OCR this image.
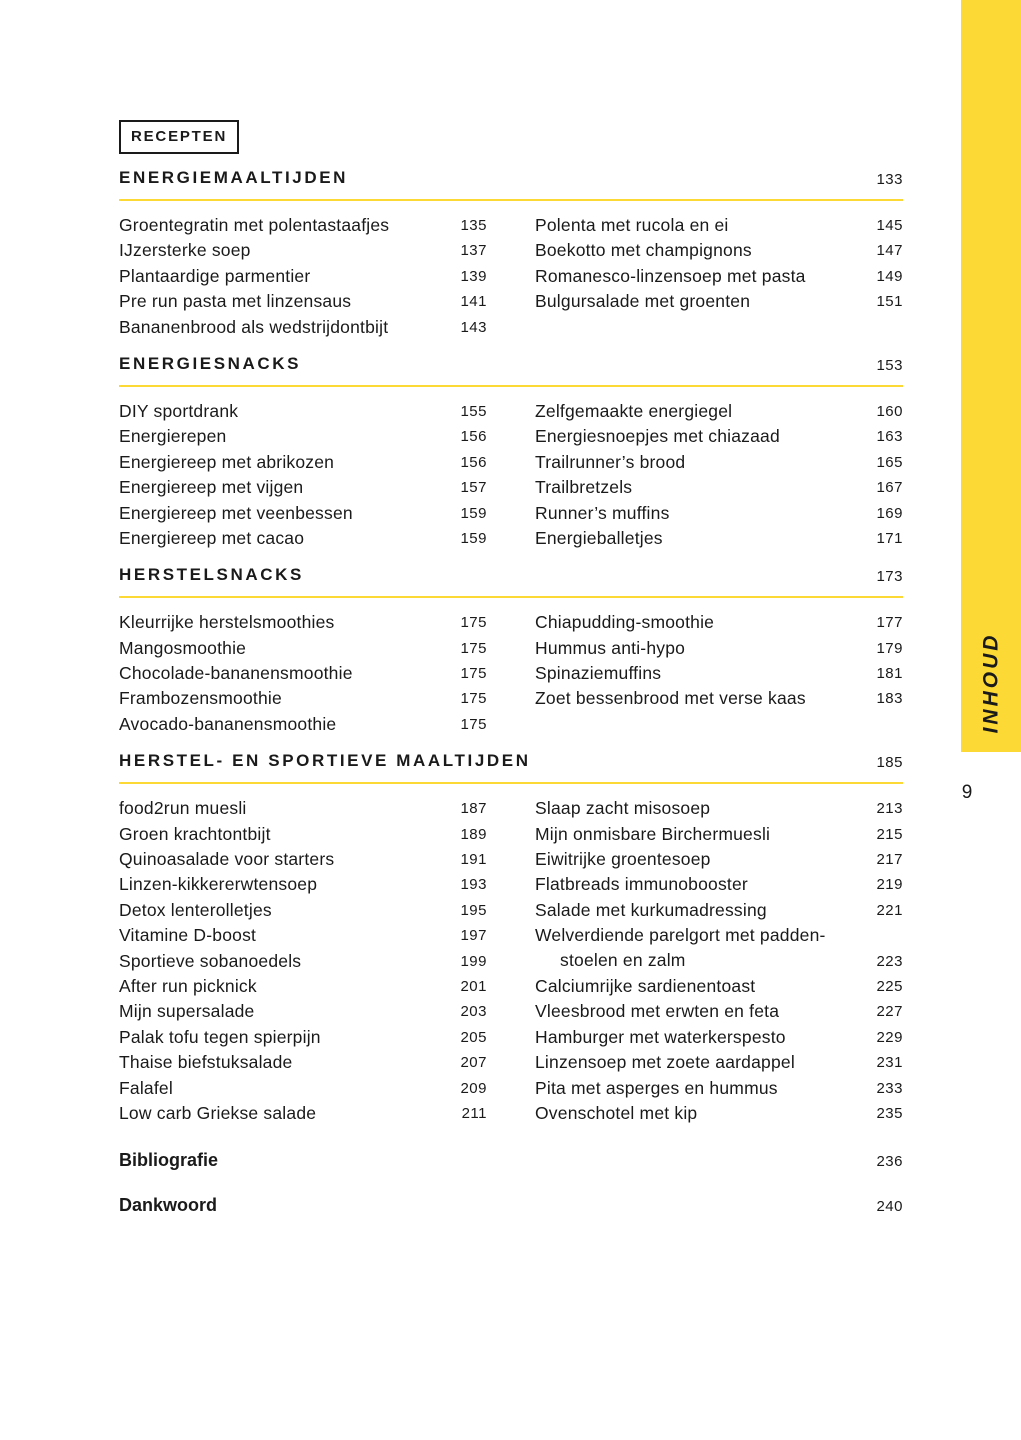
INHOUD
9
RECEPTEN
ENERGIEMAALTIJDEN	133
Groentegratin met polentastaafjes	135
IJzersterke soep	137
Plantaardige parmentier	139
Pre run pasta met linzensaus	141
Bananenbrood als wedstrijdontbijt	143
Polenta met rucola en ei	145
Boekotto met champignons	147
Romanesco-linzensoep met pasta	149
Bulgursalade met groenten	151
ENERGIESNACKS	153
DIY sportdrank	155
Energierepen	156
Energiereep met abrikozen	156
Energiereep met vijgen	157
Energiereep met veenbessen	159
Energiereep met cacao	159
Zelfgemaakte energiegel	160
Energiesnoepjes met chiazaad	163
Trailrunner’s brood	165
Trailbretzels	167
Runner’s muffins	169
Energieballetjes	171
HERSTELSNACKS	173
Kleurrijke herstelsmoothies	175
Mangosmoothie	175
Chocolade-bananensmoothie	175
Frambozensmoothie	175
Avocado-bananensmoothie	175
Chiapudding-smoothie	177
Hummus anti-hypo	179
Spinaziemuffins	181
Zoet bessenbrood met verse kaas	183
HERSTEL- EN SPORTIEVE MAALTIJDEN	185
food2run muesli	187
Groen krachtontbijt	189
Quinoasalade voor starters	191
Linzen-kikkererwtensoep	193
Detox lenterolletjes	195
Vitamine D-boost	197
Sportieve sobanoedels	199
After run picknick	201
Mijn supersalade	203
Palak tofu tegen spierpijn	205
Thaise biefstuksalade	207
Falafel	209
Low carb Griekse salade	211
Slaap zacht misosoep	213
Mijn onmisbare Birchermuesli	215
Eiwitrijke groentesoep	217
Flatbreads immunobooster	219
Salade met kurkumadressing	221
Welverdiende parelgort met padden-
stoelen en zalm	223
Calciumrijke sardienentoast	225
Vleesbrood met erwten en feta	227
Hamburger met waterkerspesto	229
Linzensoep met zoete aardappel	231
Pita met asperges en hummus	233
Ovenschotel met kip	235
Bibliografie	236
Dankwoord	240
